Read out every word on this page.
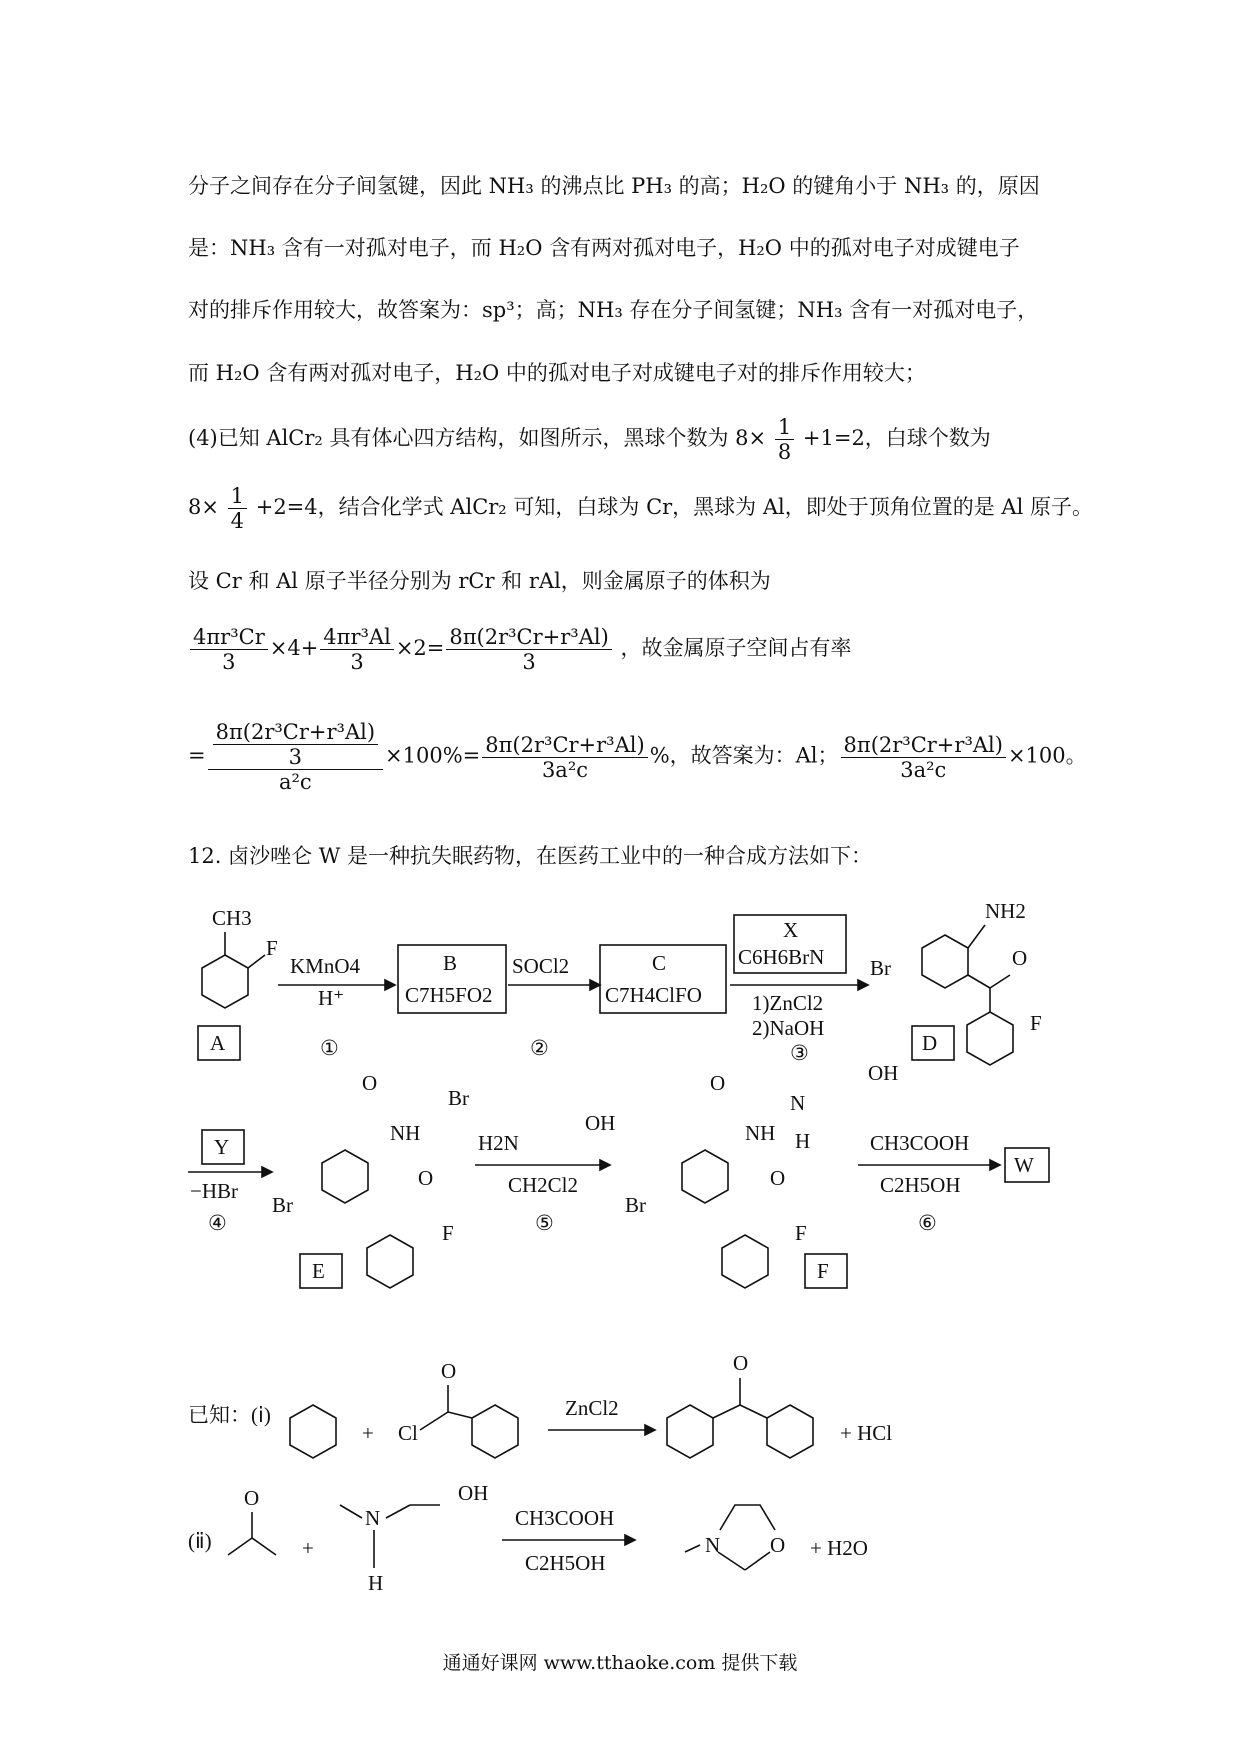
分子之间存在分子间氢键，因此 NH₃ 的沸点比 PH₃ 的高；H₂O 的键角小于 NH₃ 的，原因
是：NH₃ 含有一对孤对电子，而 H₂O 含有两对孤对电子，H₂O 中的孤对电子对成键电子
对的排斥作用较大，故答案为：sp³；高；NH₃ 存在分子间氢键；NH₃ 含有一对孤对电子，
而 H₂O 含有两对孤对电子，H₂O 中的孤对电子对成键电子对的排斥作用较大；
(4)已知 AlCr₂ 具有体心四方结构，如图所示，黑球个数为 $8\times \frac{1}{8} +1=2$，白球个数为
$8\times \frac{1}{4} +2=4$，结合化学式 AlCr₂ 可知，白球为 Cr，黑球为 Al，即处于顶角位置的是 Al 原子。
设 Cr 和 Al 原子半径分别为 rCr 和 rAl，则金属原子的体积为
$\frac{\text{4πr³Cr}}{3} \times 4+ \frac{\text{4πr³Al}}{3} \times 2= \frac{\text{8π(2r³Cr+r³Al)}}{3}$ ，故金属原子空间占有率
= $\frac{\frac{\text{8π(2r³Cr+r³Al)}}{3}}{\text{a²c}} \times 100\%= \frac{\text{8π(2r³Cr+r³Al)}}{\text{3a²c}}$ %，故答案为：Al； $\frac{\text{8π(2r³Cr+r³Al)}}{\text{3a²c}} \times 100$。
12. 卤沙唑仑 W 是一种抗失眠药物，在医药工业中的一种合成方法如下：
CH3
F
A
KMnO4
H⁺
①
B
C7H5FO2
SOCl2
②
C
C7H4ClFO
X
C6H6BrN
1)ZnCl2
2)NaOH
③
NH2
Br	O
F
D
Y
−HBr
④
Br
NH
O
Br
O
F
E
H2N
OH
CH2Cl2
⑤
Br
NH
O
N
H
OH
O
F
F
CH3COOH
C2H5OH
⑥
W
已知：(ⅰ)
+ Cl
O
ZnCl2
O
+ HCl
(ⅱ)
O
+
N
H
OH
CH3COOH
C2H5OH
N O + H2O
通通好课网 www.tthaoke.com 提供下载
